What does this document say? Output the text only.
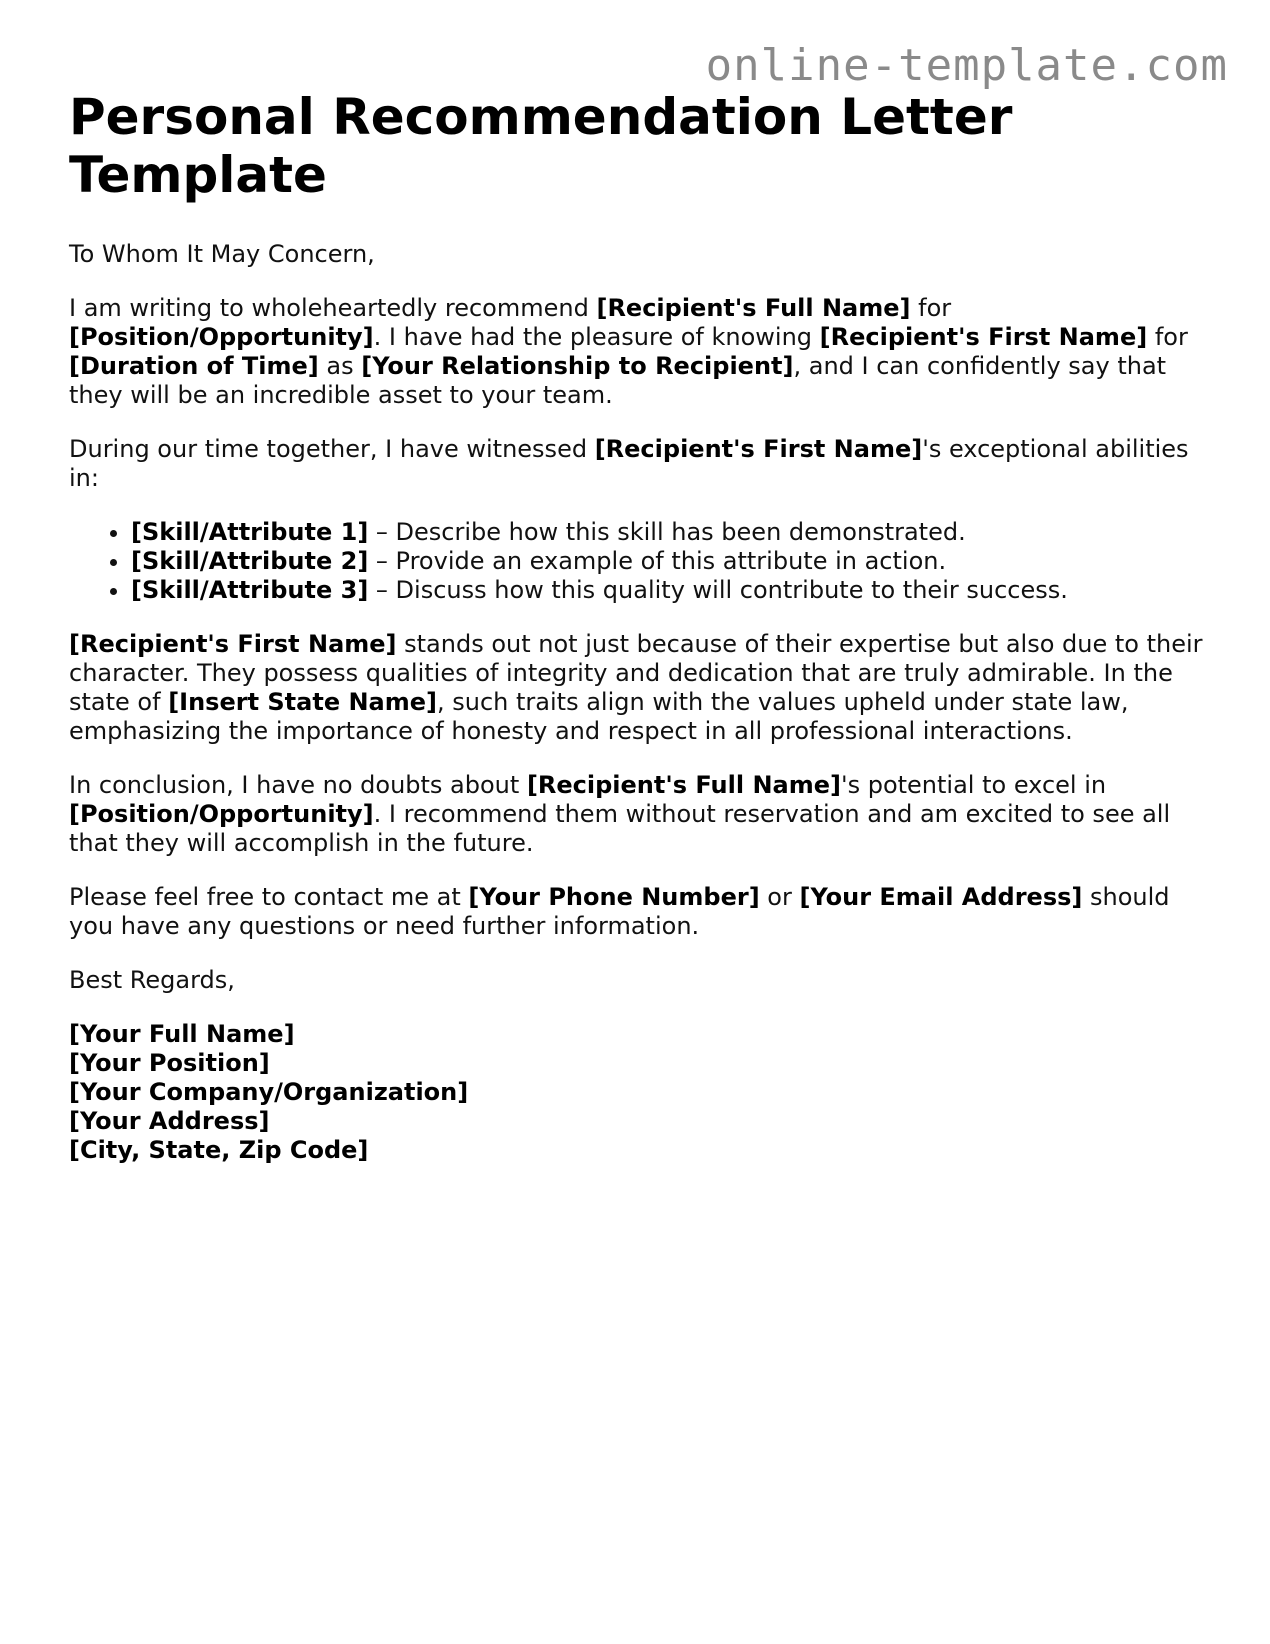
online-template.com
Personal Recommendation Letter Template

To Whom It May Concern,

I am writing to wholeheartedly recommend [Recipient's Full Name] for [Position/Opportunity]. I have had the pleasure of knowing [Recipient's First Name] for [Duration of Time] as [Your Relationship to Recipient], and I can confidently say that they will be an incredible asset to your team.

During our time together, I have witnessed [Recipient's First Name]'s exceptional abilities in:

• [Skill/Attribute 1] – Describe how this skill has been demonstrated.
• [Skill/Attribute 2] – Provide an example of this attribute in action.
• [Skill/Attribute 3] – Discuss how this quality will contribute to their success.

[Recipient's First Name] stands out not just because of their expertise but also due to their character. They possess qualities of integrity and dedication that are truly admirable. In the state of [Insert State Name], such traits align with the values upheld under state law, emphasizing the importance of honesty and respect in all professional interactions.

In conclusion, I have no doubts about [Recipient's Full Name]'s potential to excel in [Position/Opportunity]. I recommend them without reservation and am excited to see all that they will accomplish in the future.

Please feel free to contact me at [Your Phone Number] or [Your Email Address] should you have any questions or need further information.

Best Regards,

[Your Full Name]
[Your Position]
[Your Company/Organization]
[Your Address]
[City, State, Zip Code]
